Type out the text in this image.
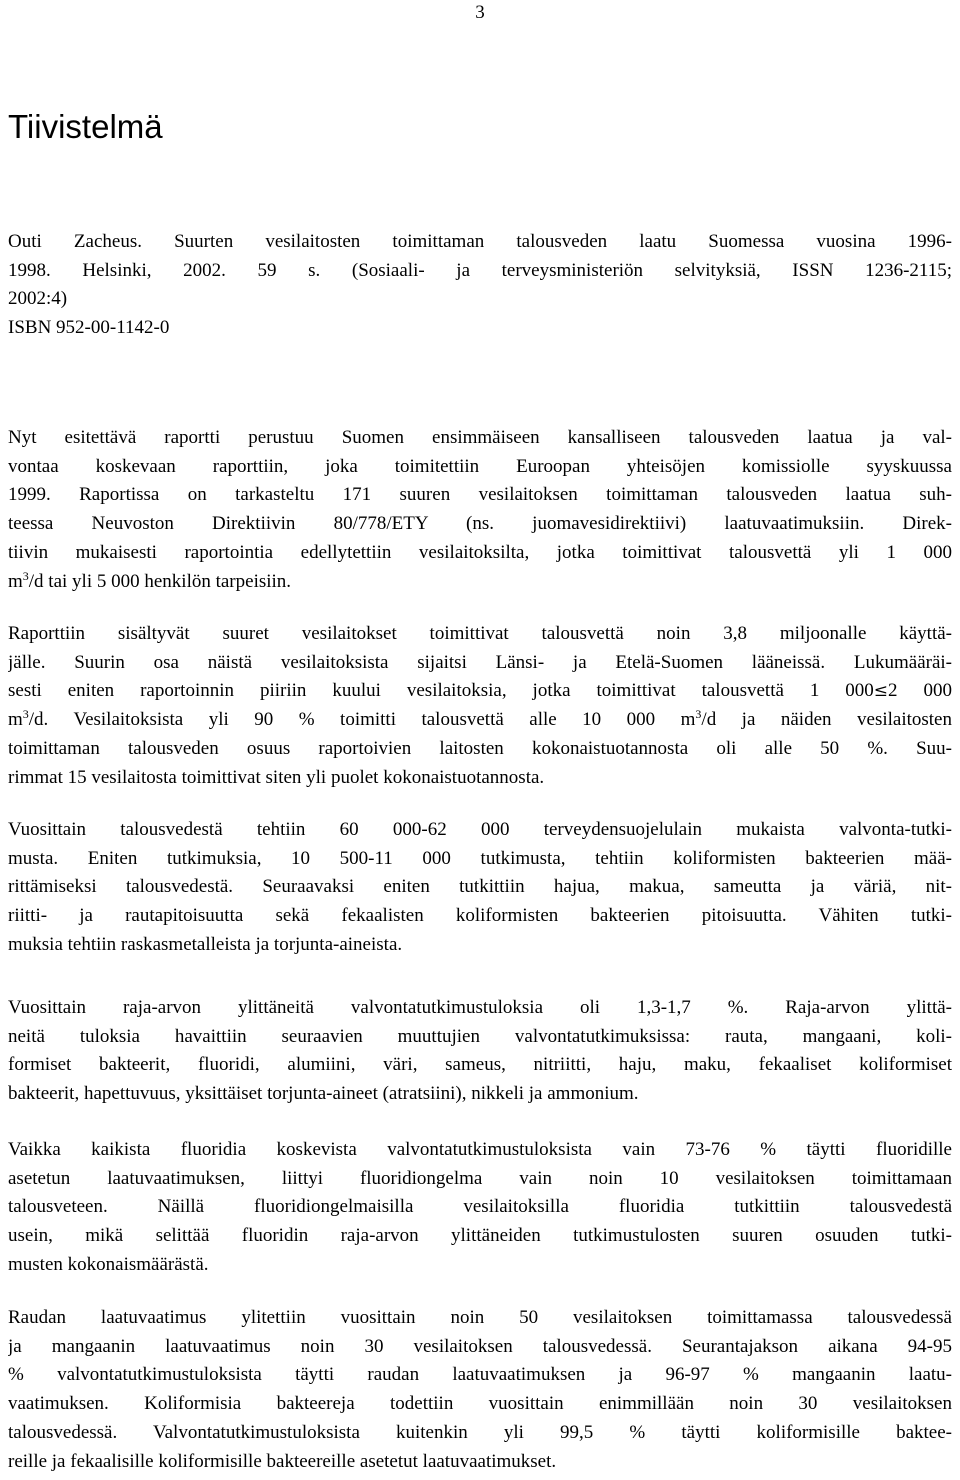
3
Tiivistelmä
Outi Zacheus. Suurten vesilaitosten toimittaman talousveden laatu Suomessa vuosina 1996-
1998. Helsinki, 2002. 59 s. (Sosiaali- ja terveysministeriön selvityksiä, ISSN 1236-2115;
2002:4)
ISBN 952-00-1142-0
Nyt esitettävä raportti perustuu Suomen ensimmäiseen kansalliseen talousveden laatua ja val-
vontaa koskevaan raporttiin, joka toimitettiin Euroopan yhteisöjen komissiolle syyskuussa
1999. Raportissa on tarkasteltu 171 suuren vesilaitoksen toimittaman talousveden laatua suh-
teessa Neuvoston Direktiivin 80/778/ETY (ns. juomavesidirektiivi) laatuvaatimuksiin. Direk-
tiivin mukaisesti raportointia edellytettiin vesilaitoksilta, jotka toimittivat talousvettä yli 1 000
$m^3/d$ tai yli 5 000 henkilön tarpeisiin.
Raporttiin sisältyvät suuret vesilaitokset toimittivat talousvettä noin 3,8 miljoonalle käyttä-
jälle. Suurin osa näistä vesilaitoksista sijaitsi Länsi- ja Etelä-Suomen lääneissä. Lukumääräi-
sesti eniten raportoinnin piiriin kuului vesilaitoksia, jotka toimittivat talousvettä 1 000≤2 000
$m^3/d$. Vesilaitoksista yli 90 % toimitti talousvettä alle 10 000 $m^3/d$ ja näiden vesilaitosten
toimittaman talousveden osuus raportoivien laitosten kokonaistuotannosta oli alle 50 %. Suu-
rimmat 15 vesilaitosta toimittivat siten yli puolet kokonaistuotannosta.
Vuosittain talousvedestä tehtiin 60 000-62 000 terveydensuojelulain mukaista valvonta-tutki-
musta. Eniten tutkimuksia, 10 500-11 000 tutkimusta, tehtiin koliformisten bakteerien mää-
rittämiseksi talousvedestä. Seuraavaksi eniten tutkittiin hajua, makua, sameutta ja väriä, nit-
riitti- ja rautapitoisuutta sekä fekaalisten koliformisten bakteerien pitoisuutta. Vähiten tutki-
muksia tehtiin raskasmetalleista ja torjunta-aineista.
Vuosittain raja-arvon ylittäneitä valvontatutkimustuloksia oli 1,3-1,7 %. Raja-arvon ylittä-
neitä tuloksia havaittiin seuraavien muuttujien valvontatutkimuksissa: rauta, mangaani, koli-
formiset bakteerit, fluoridi, alumiini, väri, sameus, nitriitti, haju, maku, fekaaliset koliformiset
bakteerit, hapettuvuus, yksittäiset torjunta-aineet (atratsiini), nikkeli ja ammonium.
Vaikka kaikista fluoridia koskevista valvontatutkimustuloksista vain 73-76 % täytti fluoridille
asetetun laatuvaatimuksen, liittyi fluoridiongelma vain noin 10 vesilaitoksen toimittamaan
talousveteen. Näillä fluoridiongelmaisilla vesilaitoksilla fluoridia tutkittiin talousvedestä
usein, mikä selittää fluoridin raja-arvon ylittäneiden tutkimustulosten suuren osuuden tutki-
musten kokonaismäärästä.
Raudan laatuvaatimus ylitettiin vuosittain noin 50 vesilaitoksen toimittamassa talousvedessä
ja mangaanin laatuvaatimus noin 30 vesilaitoksen talousvedessä. Seurantajakson aikana 94-95
% valvontatutkimustuloksista täytti raudan laatuvaatimuksen ja 96-97 % mangaanin laatu-
vaatimuksen. Koliformisia bakteereja todettiin vuosittain enimmillään noin 30 vesilaitoksen
talousvedessä. Valvontatutkimustuloksista kuitenkin yli 99,5 % täytti koliformisille baktee-
reille ja fekaalisille koliformisille bakteereille asetetut laatuvaatimukset.
